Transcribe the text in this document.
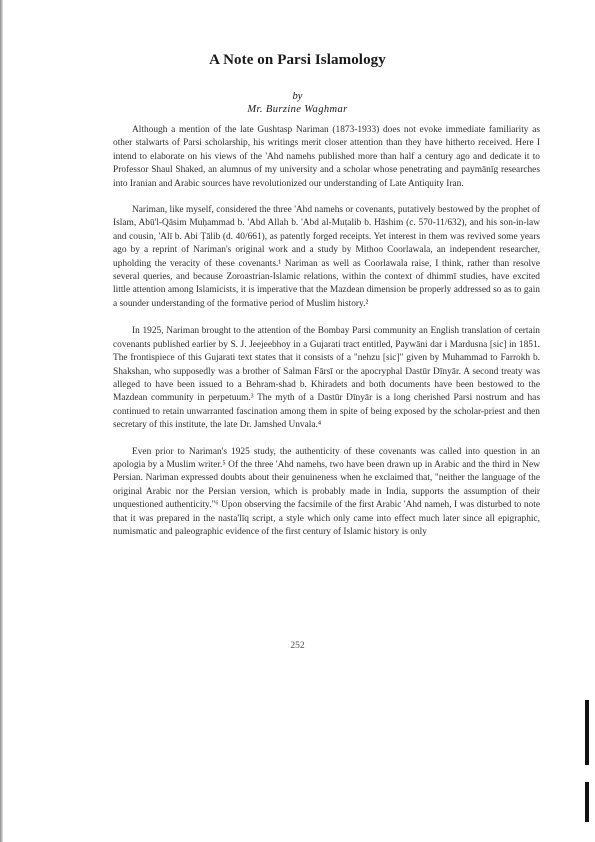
A Note on Parsi Islamology
by
Mr. Burzine Waghmar

Although a mention of the late Gushtasp Nariman (1873-1933) does not evoke immediate familiarity as other stalwarts of Parsi scholarship, his writings merit closer attention than they have hitherto received. Here I intend to elaborate on his views of the 'Ahd namehs published more than half a century ago and dedicate it to Professor Shaul Shaked, an alumnus of my university and a scholar whose penetrating and paymānīg researches into Iranian and Arabic sources have revolutionized our understanding of Late Antiquity Iran.

Nariman, like myself, considered the three 'Ahd namehs or covenants, putatively bestowed by the prophet of Islam, Abū'l-Qāsim Muḥammad b. 'Abd Allah b. 'Abd al-Muṭalib b. Hāshim (c. 570-11/632), and his son-in-law and cousin, 'Alī b. Abi Ṭālib (d. 40/661), as patently forged receipts. Yet interest in them was revived some years ago by a reprint of Nariman's original work and a study by Mithoo Coorlawala, an independent researcher, upholding the veracity of these covenants.¹ Nariman as well as Coorlawala raise, I think, rather than resolve several queries, and because Zoroastrian-Islamic relations, within the context of dhimmī studies, have excited little attention among Islamicists, it is imperative that the Mazdean dimension be properly addressed so as to gain a sounder understanding of the formative period of Muslim history.²

In 1925, Nariman brought to the attention of the Bombay Parsi community an English translation of certain covenants published earlier by S. J. Jeejeebhoy in a Gujarati tract entitled, Paywāni dar i Mardusna [sic] in 1851. The frontispiece of this Gujarati text states that it consists of a "nehzu [sic]" given by Muhammad to Farrokh b. Shakshan, who supposedly was a brother of Salman Fārsī or the apocryphal Dastūr Dīnyār. A second treaty was alleged to have been issued to a Behram-shad b. Khiradets and both documents have been bestowed to the Mazdean community in perpetuum.³ The myth of a Dastūr Dīnyār is a long cherished Parsi nostrum and has continued to retain unwarranted fascination among them in spite of being exposed by the scholar-priest and then secretary of this institute, the late Dr. Jamshed Unvala.⁴

Even prior to Nariman's 1925 study, the authenticity of these covenants was called into question in an apologia by a Muslim writer.⁵ Of the three 'Ahd namehs, two have been drawn up in Arabic and the third in New Persian. Nariman expressed doubts about their genuineness when he exclaimed that, "neither the language of the original Arabic nor the Persian version, which is probably made in India, supports the assumption of their unquestioned authenticity."⁶ Upon observing the facsimile of the first Arabic 'Ahd nameh, I was disturbed to note that it was prepared in the nasta'līq script, a style which only came into effect much later since all epigraphic, numismatic and paleographic evidence of the first century of Islamic history is only

252
